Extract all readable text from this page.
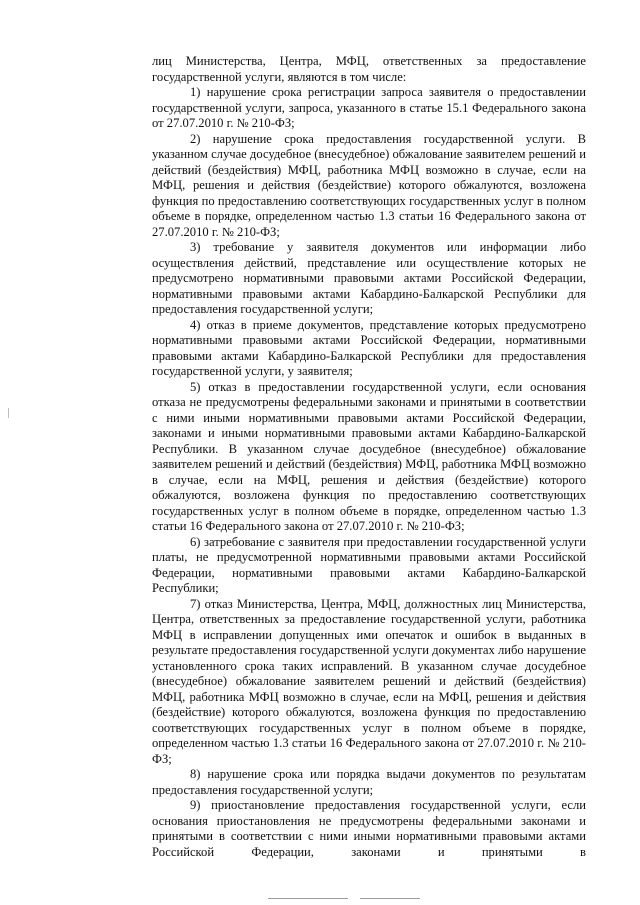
лиц Министерства, Центра, МФЦ, ответственных за предоставление государственной услуги, являются в том числе:

1) нарушение срока регистрации запроса заявителя о предоставлении государственной услуги, запроса, указанного в статье 15.1 Федерального закона от 27.07.2010 г. № 210-ФЗ;

2) нарушение срока предоставления государственной услуги. В указанном случае досудебное (внесудебное) обжалование заявителем решений и действий (бездействия) МФЦ, работника МФЦ возможно в случае, если на МФЦ, решения и действия (бездействие) которого обжалуются, возложена функция по предоставлению соответствующих государственных услуг в полном объеме в порядке, определенном частью 1.3 статьи 16 Федерального закона от 27.07.2010 г. № 210-ФЗ;

3) требование у заявителя документов или информации либо осуществления действий, представление или осуществление которых не предусмотрено нормативными правовыми актами Российской Федерации, нормативными правовыми актами Кабардино-Балкарской Республики для предоставления государственной услуги;

4) отказ в приеме документов, представление которых предусмотрено нормативными правовыми актами Российской Федерации, нормативными правовыми актами Кабардино-Балкарской Республики для предоставления государственной услуги, у заявителя;

5) отказ в предоставлении государственной услуги, если основания отказа не предусмотрены федеральными законами и принятыми в соответствии с ними иными нормативными правовыми актами Российской Федерации, законами и иными нормативными правовыми актами Кабардино-Балкарской Республики. В указанном случае досудебное (внесудебное) обжалование заявителем решений и действий (бездействия) МФЦ, работника МФЦ возможно в случае, если на МФЦ, решения и действия (бездействие) которого обжалуются, возложена функция по предоставлению соответствующих государственных услуг в полном объеме в порядке, определенном частью 1.3 статьи 16 Федерального закона от 27.07.2010 г. № 210-ФЗ;

6) затребование с заявителя при предоставлении государственной услуги платы, не предусмотренной нормативными правовыми актами Российской Федерации, нормативными правовыми актами Кабардино-Балкарской Республики;

7) отказ Министерства, Центра, МФЦ, должностных лиц Министерства, Центра, ответственных за предоставление государственной услуги, работника МФЦ в исправлении допущенных ими опечаток и ошибок в выданных в результате предоставления государственной услуги документах либо нарушение установленного срока таких исправлений. В указанном случае досудебное (внесудебное) обжалование заявителем решений и действий (бездействия) МФЦ, работника МФЦ возможно в случае, если на МФЦ, решения и действия (бездействие) которого обжалуются, возложена функция по предоставлению соответствующих государственных услуг в полном объеме в порядке, определенном частью 1.3 статьи 16 Федерального закона от 27.07.2010 г. № 210-ФЗ;

8) нарушение срока или порядка выдачи документов по результатам предоставления государственной услуги;

9) приостановление предоставления государственной услуги, если основания приостановления не предусмотрены федеральными законами и принятыми в соответствии с ними иными нормативными правовыми актами Российской Федерации, законами и принятыми в
